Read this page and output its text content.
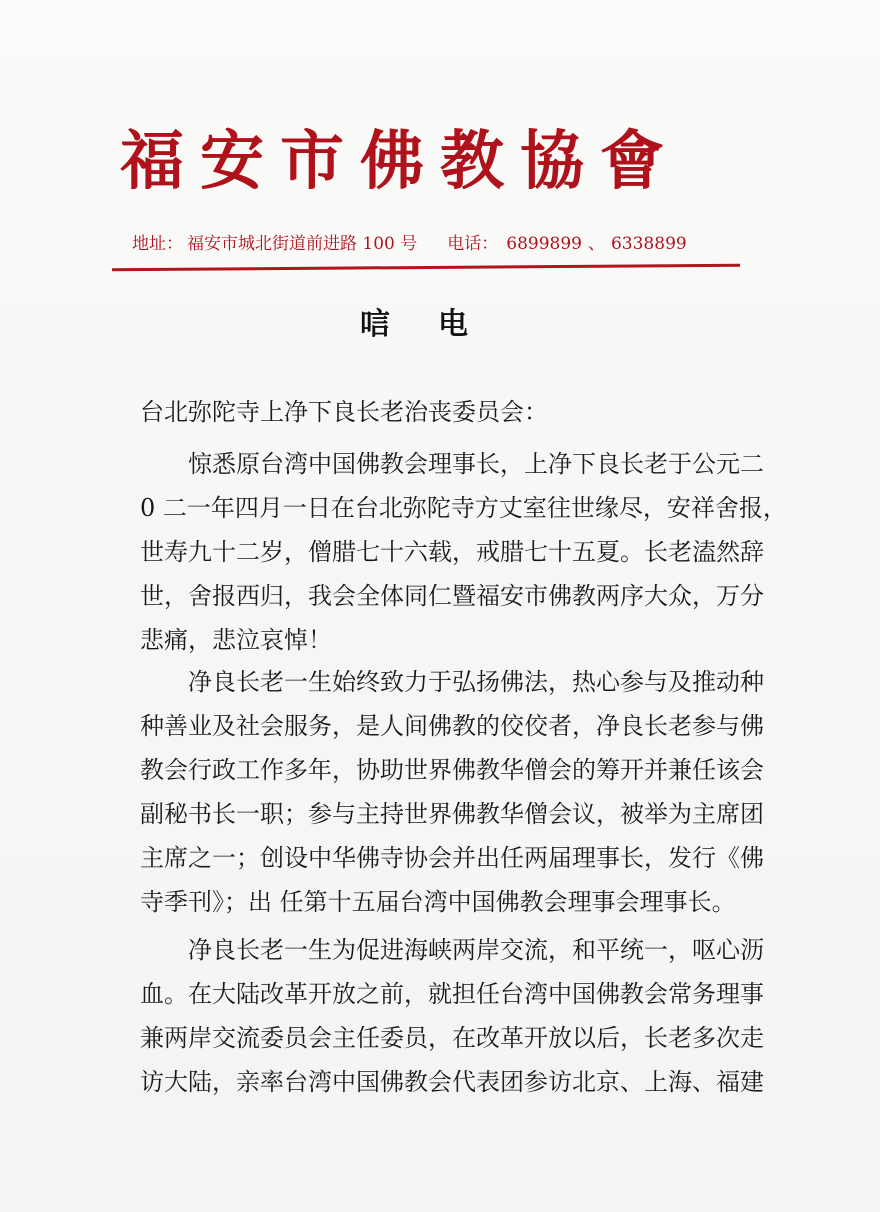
福安市佛教協會
地址： 福安市城北街道前进路 100 号 电话： 6899899 、 6338899
唁电
台北弥陀寺上净下良长老治丧委员会：
　　惊悉原台湾中国佛教会理事长，上净下良长老于公元二
0 二一年四月一日在台北弥陀寺方丈室往世缘尽，安祥舍报，
世寿九十二岁，僧腊七十六载，戒腊七十五夏。长老溘然辞
世，舍报西归，我会全体同仁暨福安市佛教两序大众，万分
悲痛，悲泣哀悼！
　　净良长老一生始终致力于弘扬佛法，热心参与及推动种
种善业及社会服务，是人间佛教的佼佼者，净良长老参与佛
教会行政工作多年，协助世界佛教华僧会的筹开并兼任该会
副秘书长一职；参与主持世界佛教华僧会议，被举为主席团
主席之一；创设中华佛寺协会并出任两届理事长，发行《佛
寺季刊》；出 任第十五届台湾中国佛教会理事会理事长。
　　净良长老一生为促进海峡两岸交流，和平统一，呕心沥
血。在大陆改革开放之前，就担任台湾中国佛教会常务理事
兼两岸交流委员会主任委员，在改革开放以后，长老多次走
访大陆，亲率台湾中国佛教会代表团参访北京、上海、福建
